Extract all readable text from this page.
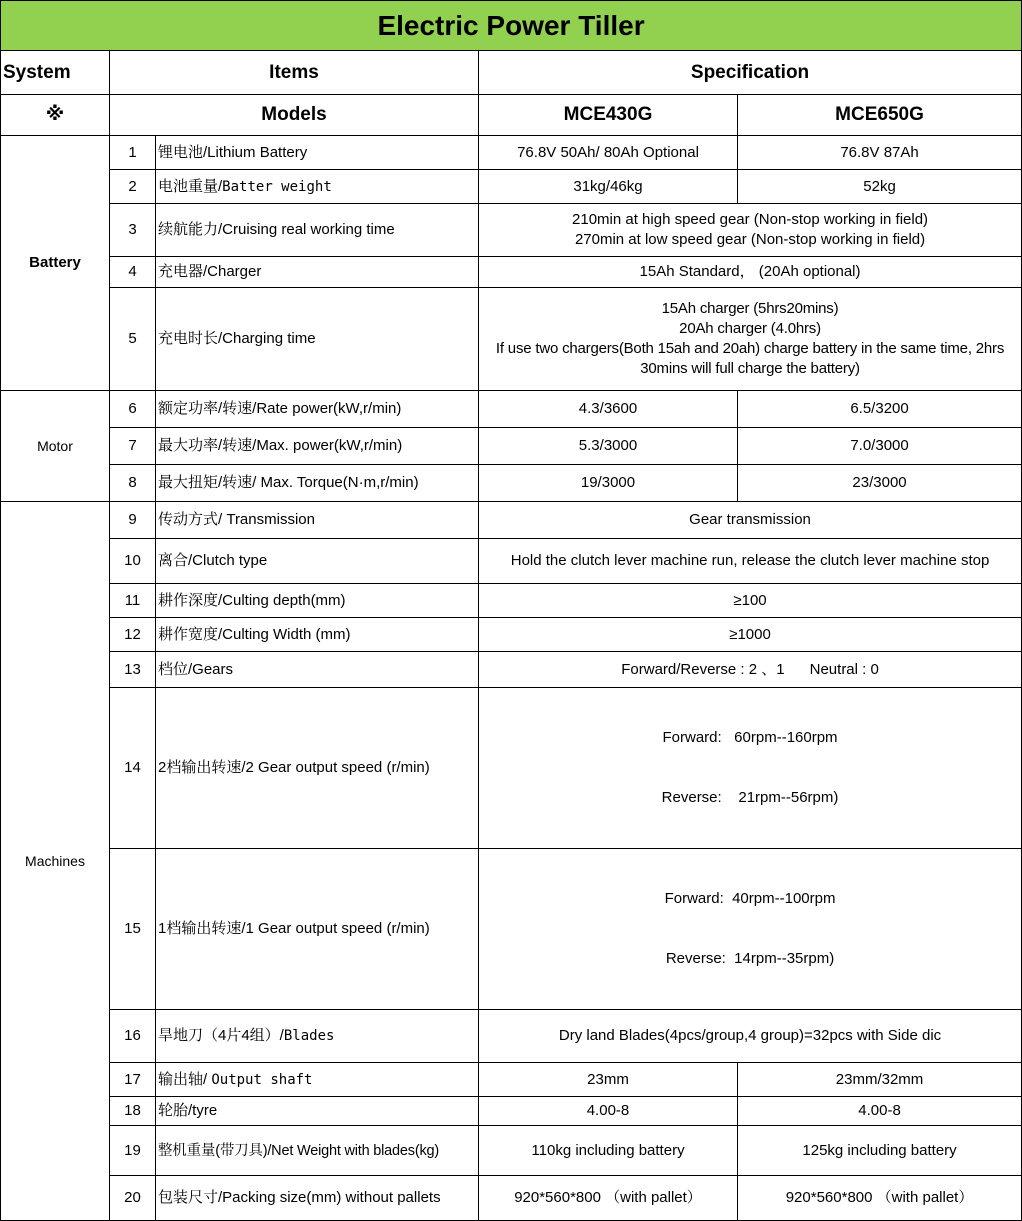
Electric Power Tiller				
System	Items		Specification	
※	Models		MCE430G	MCE650G
Battery	1	锂电池/Lithium Battery	76.8V 50Ah/ 80Ah Optional	76.8V 87Ah
	2	电池重量/Batter weight	31kg/46kg	52kg
	3	续航能力/Cruising real working time	210min at high speed gear (Non-stop working in field)
270min at low speed gear (Non-stop working in field)	

	4	充电器/Charger	15Ah Standard， (20Ah optional)	
	5	充电时长/Charging time	15Ah charger (5hrs20mins)
20Ah charger (4.0hrs)
If use two chargers(Both 15ah and 20ah) charge battery in the same time, 2hrs
30mins will full charge the battery)	

Motor	6	额定功率/转速/Rate power(kW,r/min)	4.3/3600	6.5/3200
	7	最大功率/转速/Max. power(kW,r/min)	5.3/3000	7.0/3000
	8	最大扭矩/转速/ Max. Torque(N·m,r/min)	19/3000	23/3000
Machines	9	传动方式/ Transmission	Gear transmission	
	10	离合/Clutch type	Hold the clutch lever machine run, release the clutch lever machine stop	
	11	耕作深度/Culting depth(mm)	≥100	
	12	耕作宽度/Culting Width (mm)	≥1000	
	13	档位/Gears	Forward/Reverse : 2 、1      Neutral : 0	
	14	2档输出转速/2 Gear output speed (r/min)	Forward:   60rpm--160rpm

Reverse:    21rpm--56rpm)	

	15	1档输出转速/1 Gear output speed (r/min)	Forward:  40rpm--100rpm

Reverse:  14rpm--35rpm)	

	16	旱地刀（4片4组）/Blades	Dry land Blades(4pcs/group,4 group)=32pcs with Side dic	
	17	输出轴/ Output shaft	23mm	23mm/32mm
	18	轮胎/tyre	4.00-8	4.00-8
	19	整机重量(带刀具)/Net Weight with blades(kg)	110kg including battery	125kg including battery
	20	包装尺寸/Packing size(mm) without pallets	920*560*800 （with pallet）	920*560*800 （with pallet）
